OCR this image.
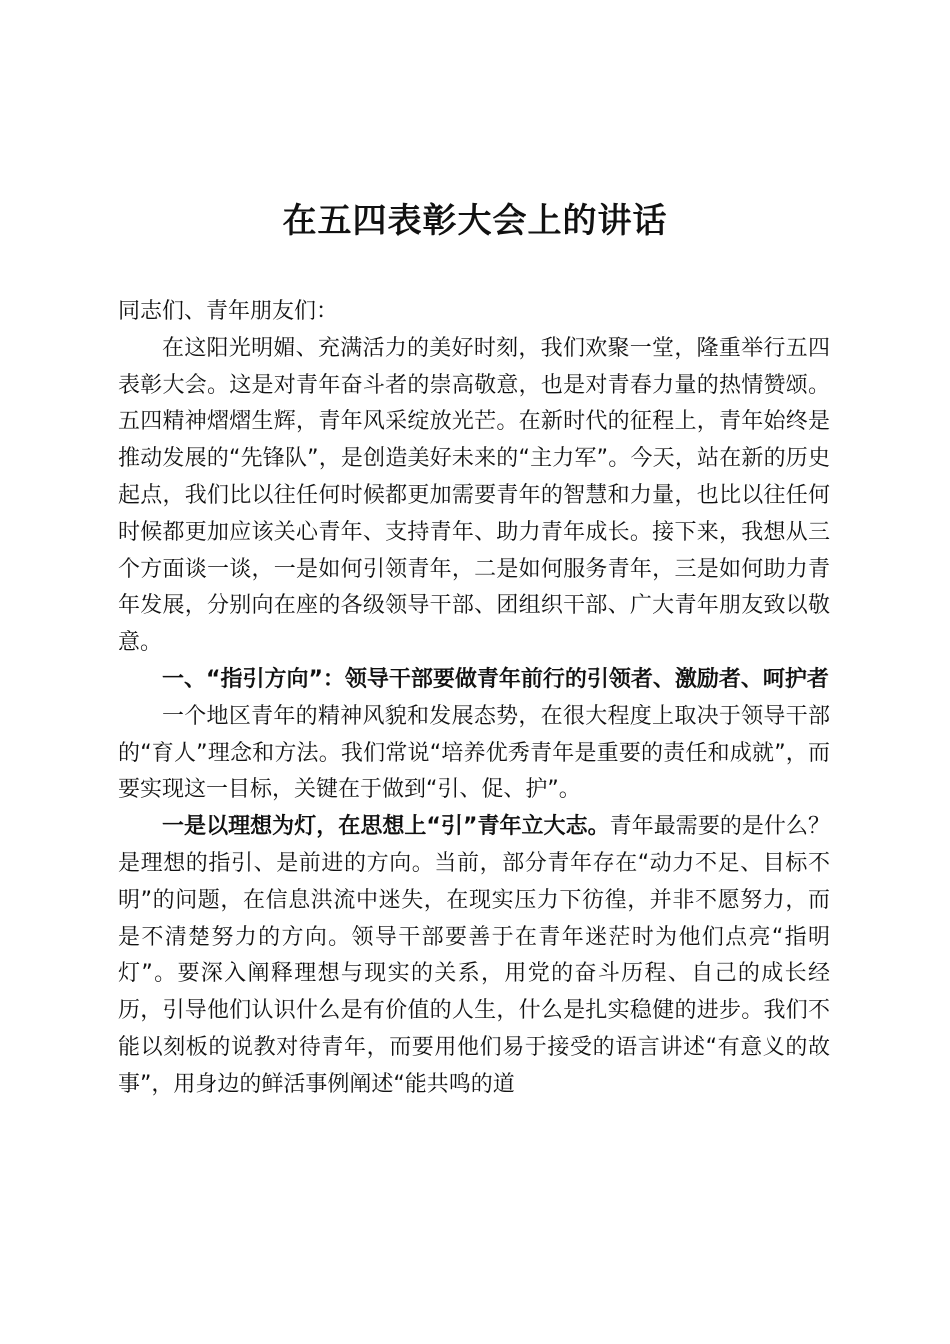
在五四表彰大会上的讲话

同志们、青年朋友们：

在这阳光明媚、充满活力的美好时刻，我们欢聚一堂，隆重举行五四表彰大会。这是对青年奋斗者的崇高敬意，也是对青春力量的热情赞颂。五四精神熠熠生辉，青年风采绽放光芒。在新时代的征程上，青年始终是推动发展的“先锋队”，是创造美好未来的“主力军”。今天，站在新的历史起点，我们比以往任何时候都更加需要青年的智慧和力量，也比以往任何时候都更加应该关心青年、支持青年、助力青年成长。接下来，我想从三个方面谈一谈，一是如何引领青年，二是如何服务青年，三是如何助力青年发展，分别向在座的各级领导干部、团组织干部、广大青年朋友致以敬意。

一、“指引方向”：领导干部要做青年前行的引领者、激励者、呵护者

一个地区青年的精神风貌和发展态势，在很大程度上取决于领导干部的“育人”理念和方法。我们常说“培养优秀青年是重要的责任和成就”，而要实现这一目标，关键在于做到“引、促、护”。

一是以理想为灯，在思想上“引”青年立大志。青年最需要的是什么？是理想的指引、是前进的方向。当前，部分青年存在“动力不足、目标不明”的问题，在信息洪流中迷失，在现实压力下彷徨，并非不愿努力，而是不清楚努力的方向。领导干部要善于在青年迷茫时为他们点亮“指明灯”。要深入阐释理想与现实的关系，用党的奋斗历程、自己的成长经历，引导他们认识什么是有价值的人生，什么是扎实稳健的进步。我们不能以刻板的说教对待青年，而要用他们易于接受的语言讲述“有意义的故事”，用身边的鲜活事例阐述“能共鸣的道
